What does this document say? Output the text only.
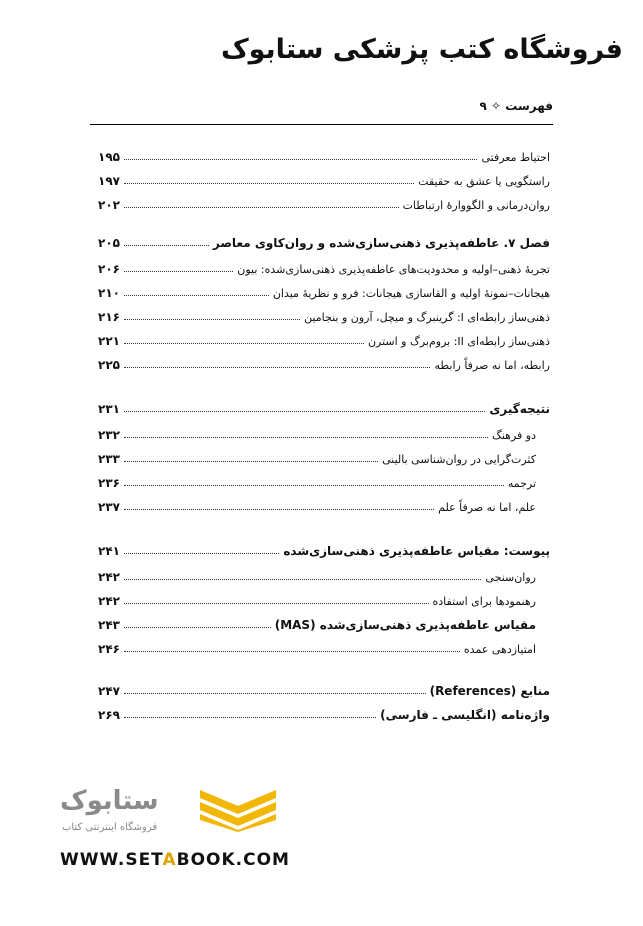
فروشگاه کتب پزشکی ستابوک
فهرست ✧ ۹
احتیاط معرفتی
۱۹۵
راستگویی یا عشق به حقیقت
۱۹۷
روان‌درمانی و الگووارهٔ ارتباطات
۲۰۲
فصل ۷. عاطفه‌پذیری ذهنی‌سازی‌شده و روان‌کاوی معاصر
۲۰۵
تجربهٔ ذهنی–اولیه و محدودیت‌های عاطفه‌پذیری ذهنی‌سازی‌شده: بیون
۲۰۶
هیجانات–نمونهٔ اولیه و القاسازی هیجانات: فرو و نظریهٔ میدان
۲۱۰
ذهنی‌ساز رابطه‌ای I: گرینبرگ و میچل، آرون و بنجامین
۲۱۶
ذهنی‌ساز رابطه‌ای II: بروم‌برگ و استرن
۲۲۱
رابطه، اما نه صرفاً رابطه
۲۲۵
نتیجه‌گیری
۲۳۱
دو فرهنگ
۲۳۲
کثرت‌گرایی در روان‌شناسی بالینی
۲۳۳
ترجمه
۲۳۶
علم، اما نه صرفاً علم
۲۳۷
پیوست: مقیاس عاطفه‌پذیری ذهنی‌سازی‌شده
۲۴۱
روان‌سنجی
۲۴۲
رهنمودها برای استفاده
۲۴۲
مقیاس عاطفه‌پذیری ذهنی‌سازی‌شده (MAS)
۲۴۳
امتیازدهی عمده
۲۴۶
منابع (References)
۲۴۷
واژه‌نامه (انگلیسی ـ فارسی)
۲۶۹
ستابوک
فروشگاه اینترنتی کتاب
WWW.SETABOOK.COM
